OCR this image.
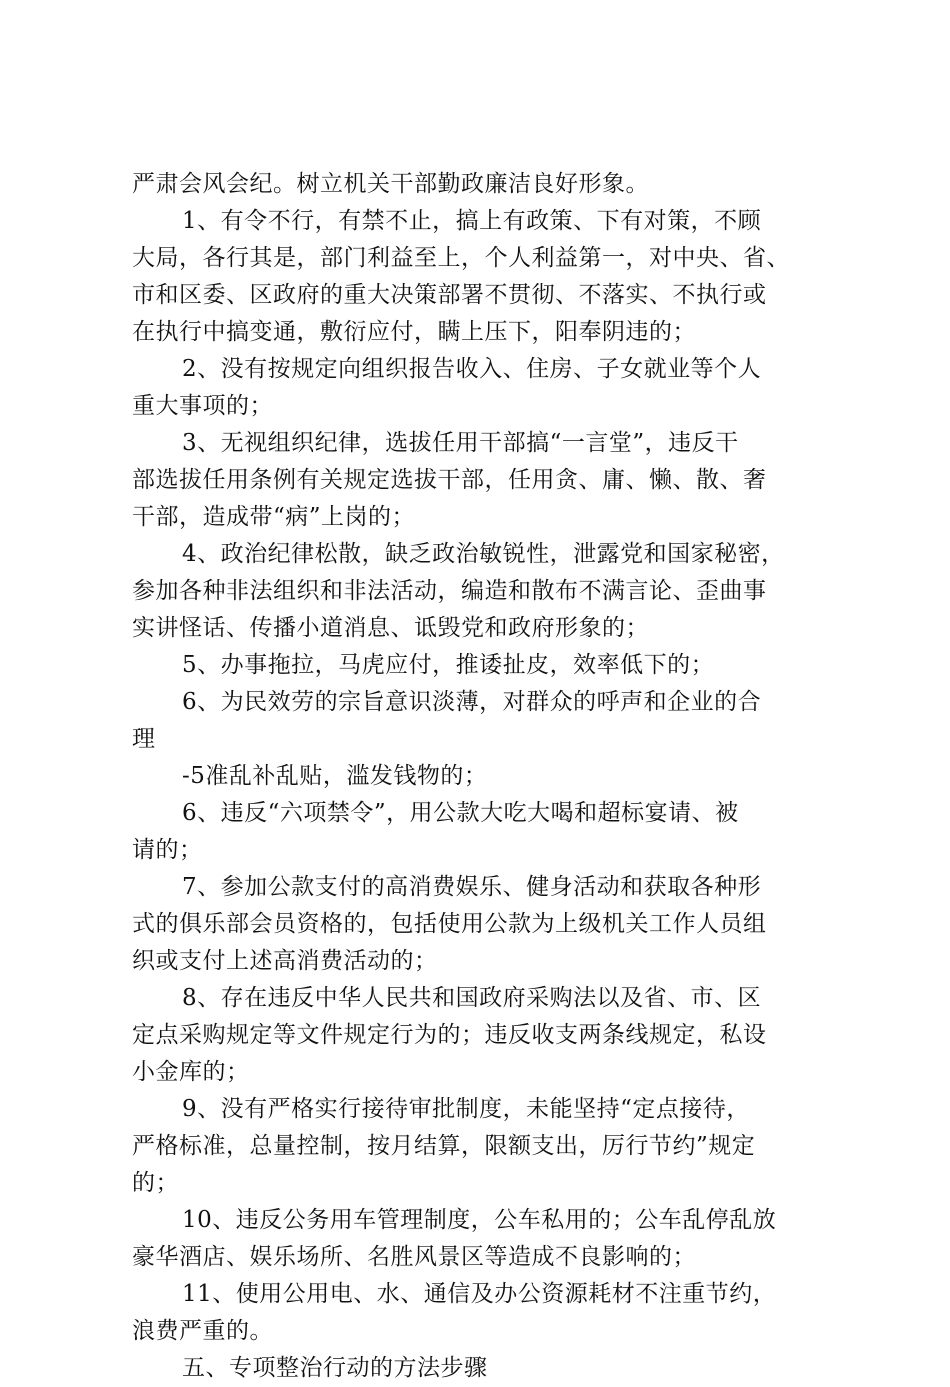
严肃会风会纪。树立机关干部勤政廉洁良好形象。
1、有令不行，有禁不止，搞上有政策、下有对策，不顾
大局，各行其是，部门利益至上，个人利益第一，对中央、省、
市和区委、区政府的重大决策部署不贯彻、不落实、不执行或
在执行中搞变通，敷衍应付，瞒上压下，阳奉阴违的；
2、没有按规定向组织报告收入、住房、子女就业等个人
重大事项的；
3、无视组织纪律，选拔任用干部搞“一言堂”，违反干
部选拔任用条例有关规定选拔干部，任用贪、庸、懒、散、奢
干部，造成带“病”上岗的；
4、政治纪律松散，缺乏政治敏锐性，泄露党和国家秘密，
参加各种非法组织和非法活动，编造和散布不满言论、歪曲事
实讲怪话、传播小道消息、诋毁党和政府形象的；
5、办事拖拉，马虎应付，推诿扯皮，效率低下的；
6、为民效劳的宗旨意识淡薄，对群众的呼声和企业的合
理
-5准乱补乱贴，滥发钱物的；
6、违反“六项禁令”，用公款大吃大喝和超标宴请、被
请的；
7、参加公款支付的高消费娱乐、健身活动和获取各种形
式的俱乐部会员资格的，包括使用公款为上级机关工作人员组
织或支付上述高消费活动的；
8、存在违反中华人民共和国政府采购法以及省、市、区
定点采购规定等文件规定行为的；违反收支两条线规定，私设
小金库的；
9、没有严格实行接待审批制度，未能坚持“定点接待，
严格标准，总量控制，按月结算，限额支出，厉行节约”规定
的；
10、违反公务用车管理制度，公车私用的；公车乱停乱放
豪华酒店、娱乐场所、名胜风景区等造成不良影响的；
11、使用公用电、水、通信及办公资源耗材不注重节约，
浪费严重的。
五、专项整治行动的方法步骤
